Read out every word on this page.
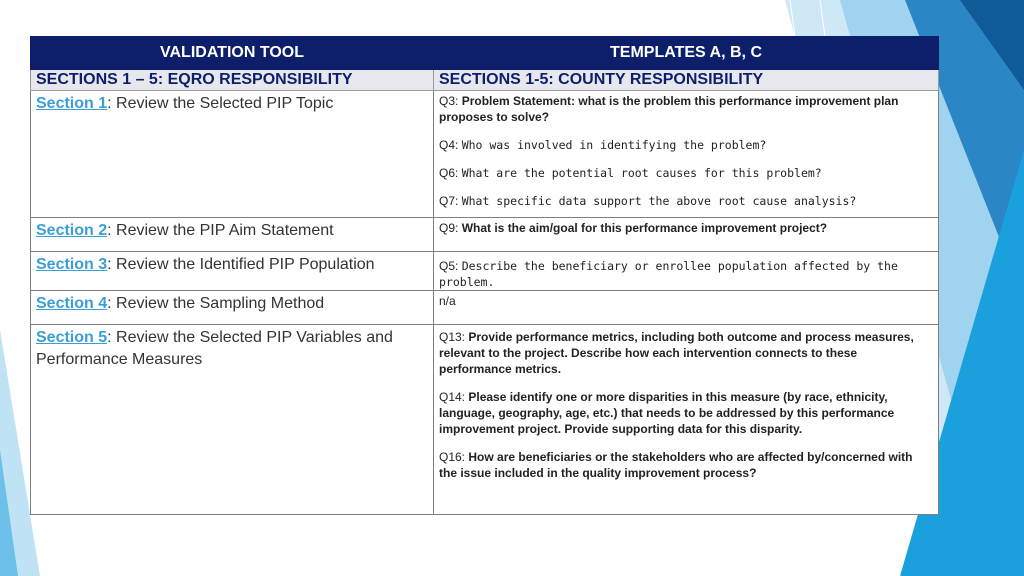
VALIDATION TOOL	TEMPLATES A, B, C
SECTIONS 1 – 5: EQRO RESPONSIBILITY	SECTIONS 1-5: COUNTY RESPONSIBILITY
Section 1: Review the Selected PIP Topic	Q3: Problem Statement: what is the problem this performance improvement plan proposes to solve?

Q4: Who was involved in identifying the problem?

Q6: What are the potential root causes for this problem?

Q7: What specific data support the above root cause analysis?

Section 2: Review the PIP Aim Statement	Q9: What is the aim/goal for this performance improvement project?

Section 3: Review the Identified PIP Population	Q5: Describe the beneficiary or enrollee population affected by the problem.

Section 4: Review the Sampling Method	n/a

Section 5: Review the Selected PIP Variables and Performance Measures	Q13: Provide performance metrics, including both outcome and process measures, relevant to the project. Describe how each intervention connects to these performance metrics.

Q14: Please identify one or more disparities in this measure (by race, ethnicity, language, geography, age, etc.) that needs to be addressed by this performance improvement project. Provide supporting data for this disparity.

Q16: How are beneficiaries or the stakeholders who are affected by/concerned with the issue included in the quality improvement process?
